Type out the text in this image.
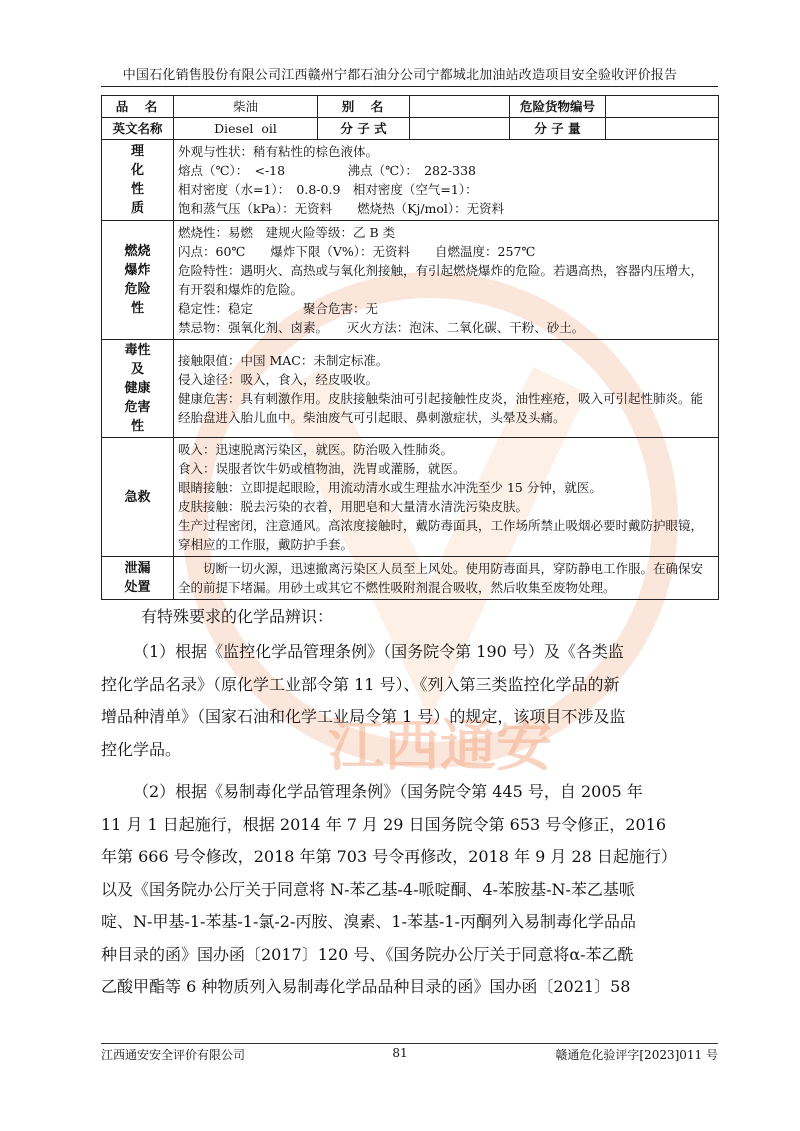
江西通安
中国石化销售股份有限公司江西赣州宁都石油分公司宁都城北加油站改造项目安全验收评价报告
品　名	柴油	别　名		危险货物编号	
英文名称	Diesel  oil	分 子 式		分 子 量	

理
化
性
质	外观与性状：稍有粘性的棕色液体。
熔点（℃）：　<-18　　　　　沸点（℃）：　282-338
相对密度（水=1）：　0.8-0.9　相对密度（空气=1）：
饱和蒸气压（kPa）：无资料　　燃烧热（Kj/mol）：无资料				

燃烧
爆炸
危险
性	燃烧性：易燃　建规火险等级：乙 B 类
闪点：60℃　　爆炸下限（V%）：无资料　　自燃温度：257℃
危险特性：遇明火、高热或与氧化剂接触，有引起燃烧爆炸的危险。若遇高热，容器内压增大，有开裂和爆炸的危险。
稳定性：稳定　　　　聚合危害：无
禁忌物：强氧化剂、卤素。　　灭火方法：泡沫、二氧化碳、干粉、砂土。				

毒性
及
健康
危害
性	接触限值：中国 MAC：未制定标准。
侵入途径：吸入，食入，经皮吸收。
健康危害：具有刺激作用。皮肤接触柴油可引起接触性皮炎，油性痤疮，吸入可引起性肺炎。能经胎盘进入胎儿血中。柴油废气可引起眼、鼻刺激症状，头晕及头痛。				

急救	吸入：迅速脱离污染区，就医。防治吸入性肺炎。
食入：误服者饮牛奶或植物油，洗胃或灌肠，就医。
眼睛接触：立即提起眼睑，用流动清水或生理盐水冲洗至少 15 分钟，就医。
皮肤接触：脱去污染的衣着，用肥皂和大量清水清洗污染皮肤。
生产过程密闭，注意通风。高浓度接触时，戴防毒面具，工作场所禁止吸烟必要时戴防护眼镜，穿相应的工作服，戴防护手套。				

泄漏
处置	　　切断一切火源，迅速撤离污染区人员至上风处。使用防毒面具，穿防静电工作服。在确保安全的前提下堵漏。用砂土或其它不燃性吸附剂混合吸收，然后收集至废物处理。				
有特殊要求的化学品辨识：
（1）根据《监控化学品管理条例》（国务院令第 190 号）及《各类监
控化学品名录》（原化学工业部令第 11 号）、《列入第三类监控化学品的新
增品种清单》（国家石油和化学工业局令第 1 号）的规定，该项目不涉及监
控化学品。
（2）根据《易制毒化学品管理条例》（国务院令第 445 号，自 2005 年
11 月 1 日起施行，根据 2014 年 7 月 29 日国务院令第 653 号令修正，2016
年第 666 号令修改，2018 年第 703 号令再修改，2018 年 9 月 28 日起施行）
以及《国务院办公厅关于同意将 N-苯乙基-4-哌啶酮、4-苯胺基-N-苯乙基哌
啶、N-甲基-1-苯基-1-氯-2-丙胺、溴素、1-苯基-1-丙酮列入易制毒化学品品
种目录的函》国办函〔2017〕120 号、《国务院办公厅关于同意将α-苯乙酰
乙酸甲酯等 6 种物质列入易制毒化学品品种目录的函》国办函〔2021〕58
江西通安安全评价有限公司	81	赣通危化验评字[2023]011 号
